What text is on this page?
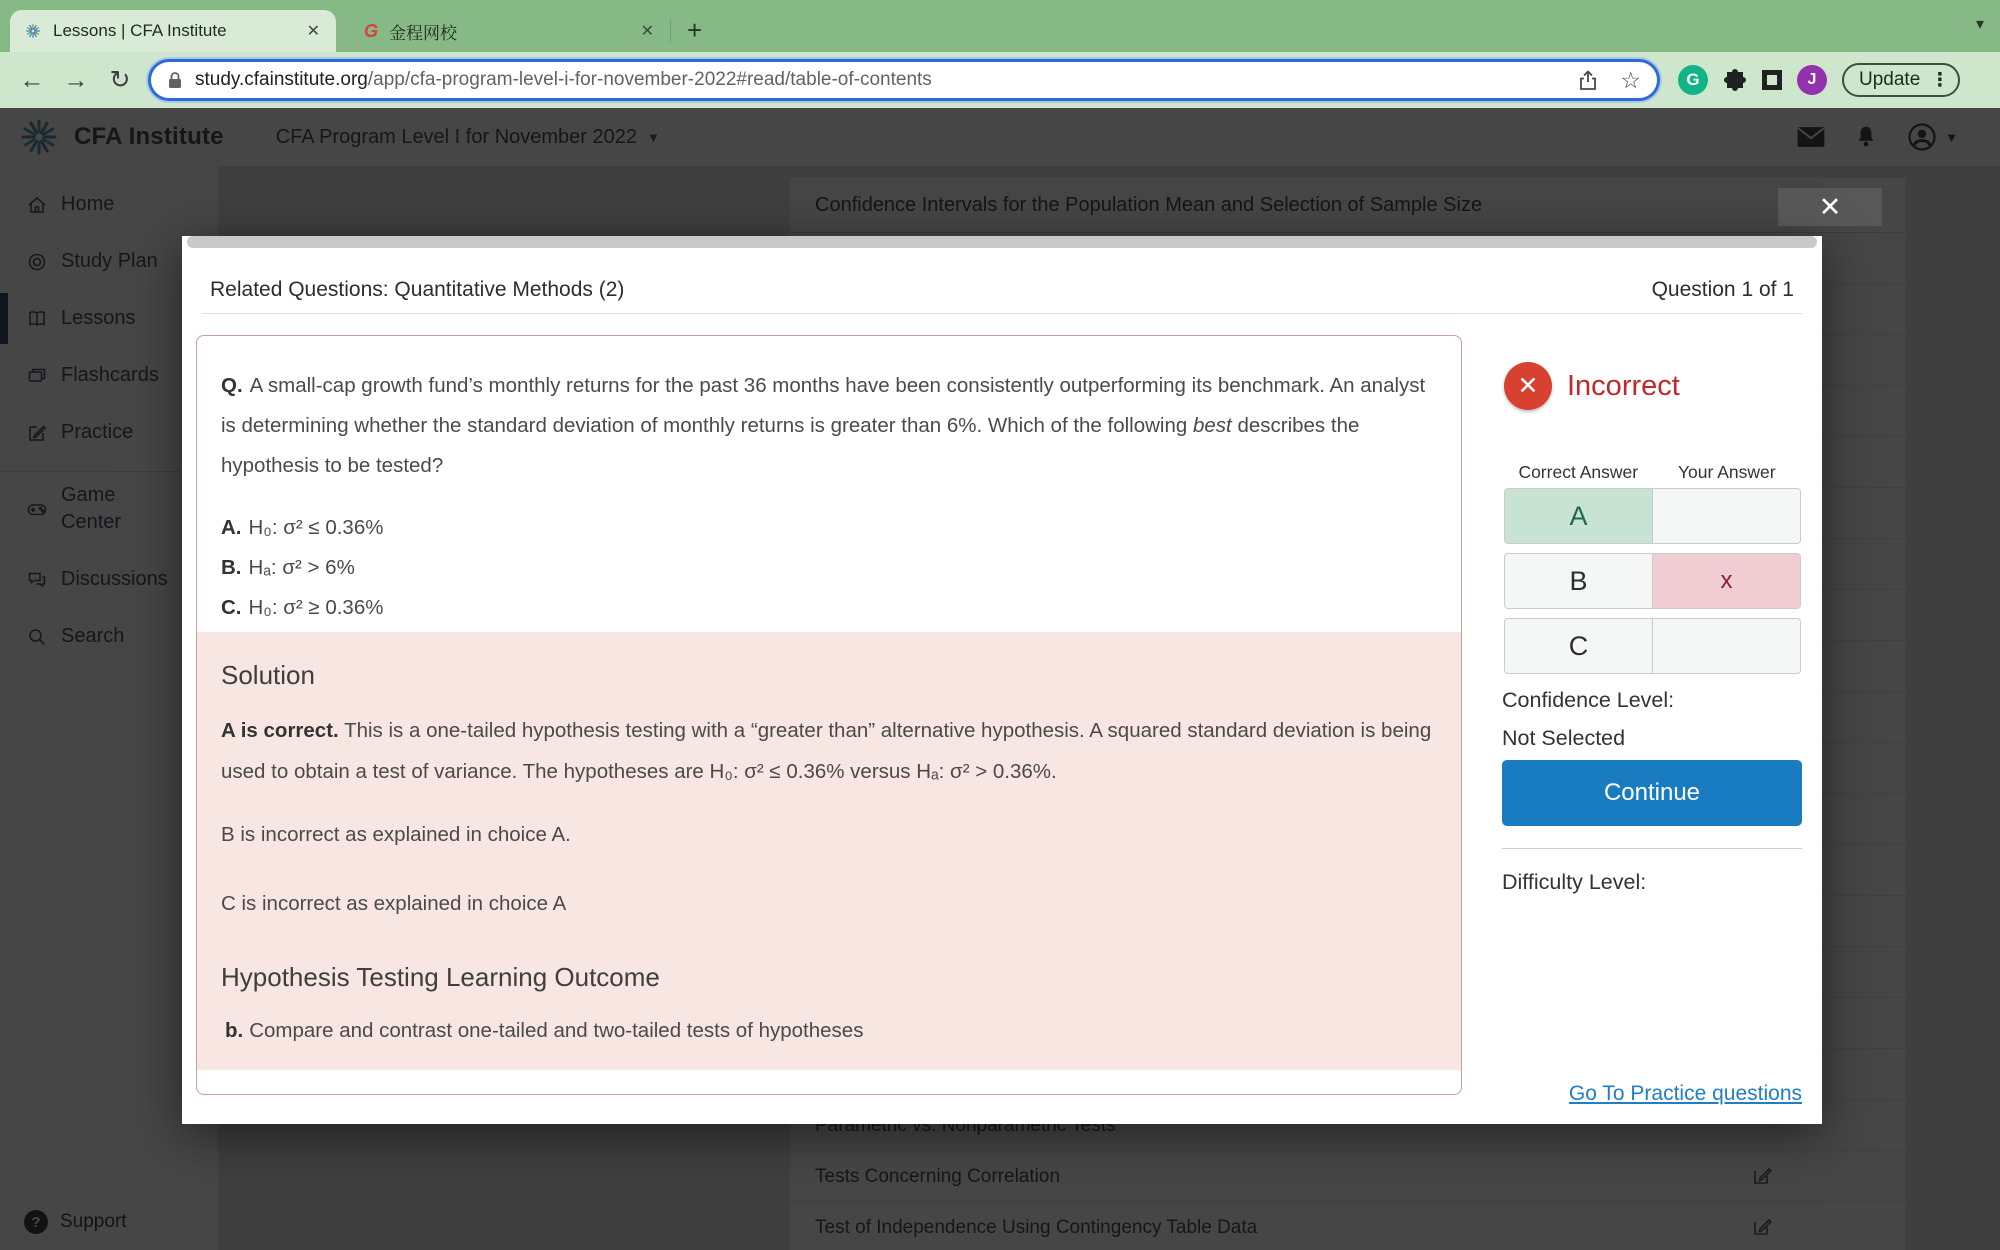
Lessons | CFA Institute	✕ G 金程网校	✕ +	▾
← → ↻	study.cfainstitute.org/app/cfa-program-level-i-for-november-2022#read/table-of-contents	☆	G	J	Update ⋮
✕
Related Questions: Quantitative Methods (2)	Question 1 of 1
Q. A small-cap growth fund’s monthly returns for the past 36 months have been consistently outperforming its benchmark. An analyst is determining whether the standard deviation of monthly returns is greater than 6%. Which of the following best describes the hypothesis to be tested?
A. H₀: σ² ≤ 0.36%
B. Hₐ: σ² > 6%
C. H₀: σ² ≥ 0.36%
Solution
A is correct. This is a one-tailed hypothesis testing with a “greater than” alternative hypothesis. A squared standard deviation is being used to obtain a test of variance. The hypotheses are H₀: σ² ≤ 0.36% versus Hₐ: σ² > 0.36%.
B is incorrect as explained in choice A.
C is incorrect as explained in choice A
Hypothesis Testing Learning Outcome
b. Compare and contrast one-tailed and two-tailed tests of hypotheses
✕ Incorrect
Correct Answer	Your Answer
A
B	x
C
Confidence Level:
Not Selected
Continue
Difficulty Level:
Go To Practice questions
